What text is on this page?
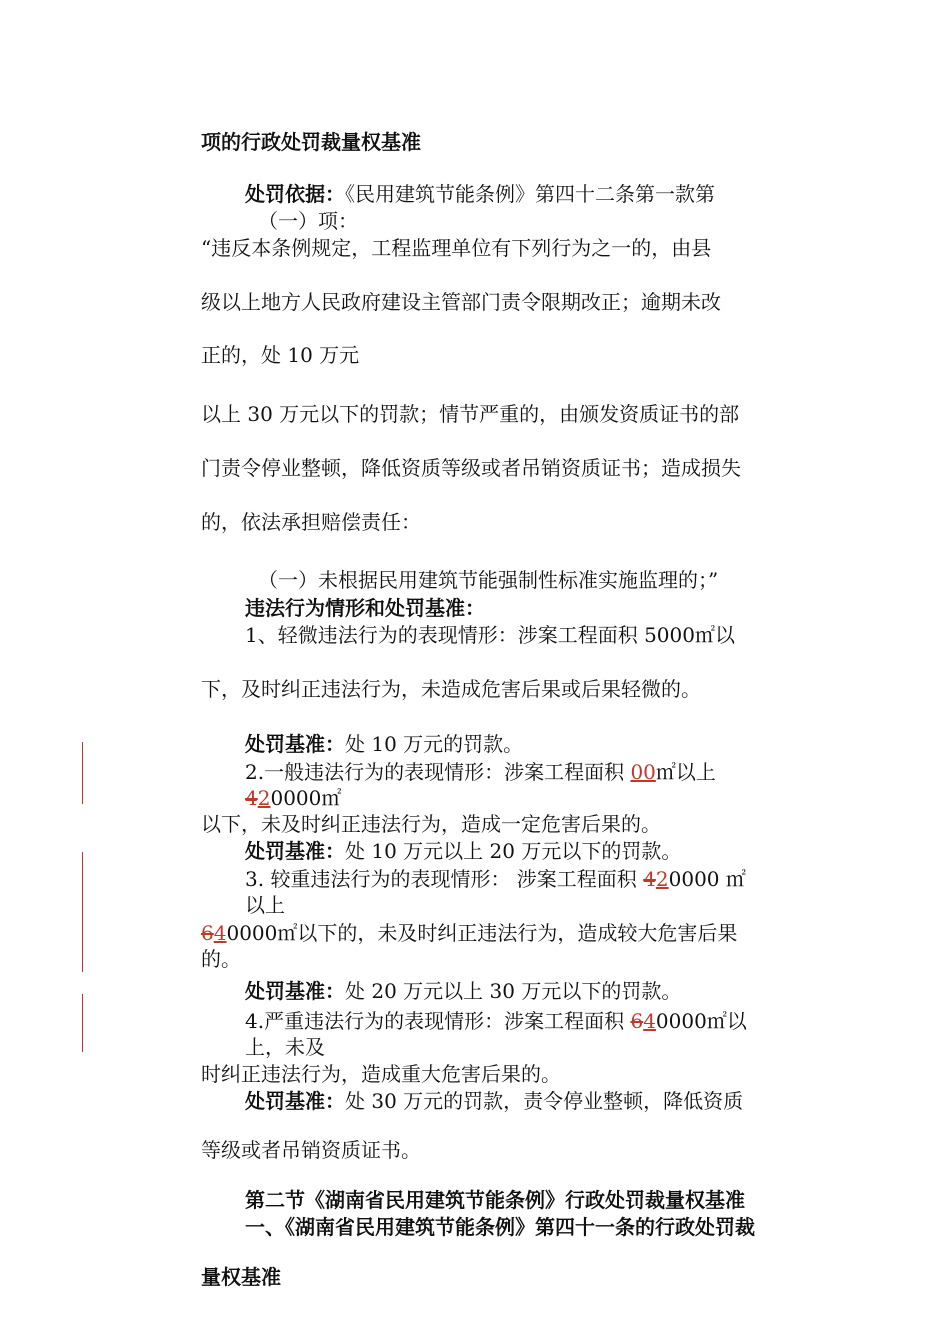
项的行政处罚裁量权基准

处罚依据：《民用建筑节能条例》第四十二条第一款第

（一）项：

“违反本条例规定，工程监理单位有下列行为之一的，由县

级以上地方人民政府建设主管部门责令限期改正；逾期未改

正的，处 10 万元

以上 30 万元以下的罚款；情节严重的，由颁发资质证书的部

门责令停业整顿，降低资质等级或者吊销资质证书；造成损失

的，依法承担赔偿责任：

（一）未根据民用建筑节能强制性标准实施监理的；”

违法行为情形和处罚基准：

1、轻微违法行为的表现情形：涉案工程面积 5000㎡以

下，及时纠正违法行为，未造成危害后果或后果轻微的。

处罚基准：处 10 万元的罚款。

2.一般违法行为的表现情形：涉案工程面积 00㎡以上

420000㎡

以下，未及时纠正违法行为，造成一定危害后果的。

处罚基准：处 10 万元以上 20 万元以下的罚款。

3. 较重违法行为的表现情形： 涉案工程面积 420000 ㎡

以上

640000㎡以下的，未及时纠正违法行为，造成较大危害后果

的。

处罚基准：处 20 万元以上 30 万元以下的罚款。

4.严重违法行为的表现情形：涉案工程面积 640000㎡以

上，未及

时纠正违法行为，造成重大危害后果的。

处罚基准：处 30 万元的罚款，责令停业整顿，降低资质

等级或者吊销资质证书。

第二节《湖南省民用建筑节能条例》行政处罚裁量权基准

一、《湖南省民用建筑节能条例》第四十一条的行政处罚裁

量权基准
